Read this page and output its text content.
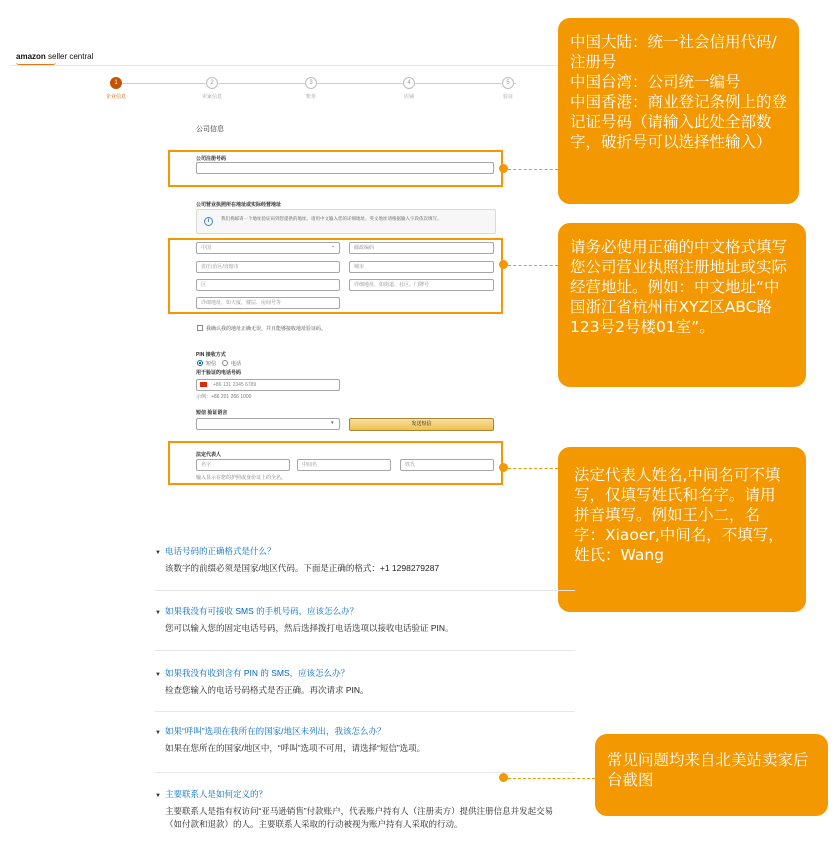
amazon seller central
1
企业信息
2
卖家信息
3
账单
4
店铺
5
验证
公司信息
公司注册号码
公司营业执照所在地址或实际经营地址
i	我们将邮寄一个地址验证码到您提供的地址。请用中文输入您的详细地址。英文地址请根据输入字段依次填写。
中国	⌄	邮政编码
省/自治区/直辖市	城市
区	详细地址，如街道、社区、门牌号
详细地址，如大厦、楼层、房间号等
我确认我的地址正确无误，并且能够接收地址验证码。
PIN 接收方式
短信	电话
用于验证的电话号码
+86 131 2345 6789
示例：+86 201 266 1000
短信 验证语言
▾	发送短信
法定代表人
名字	中间名	姓氏
输入显示在您的护照或身份证上的全名。
中国大陆：统一社会信用代码/注册号
中国台湾：公司统一编号
中国香港：商业登记条例上的登记证号码（请输入此处全部数字，破折号可以选择性输入）
请务必使用正确的中文格式填写您公司营业执照注册地址或实际经营地址。例如：中文地址“中国浙江省杭州市XYZ区ABC路123号2号楼01室”。
法定代表人姓名,中间名可不填写，仅填写姓氏和名字。请用拼音填写。例如王小二，名字：Xiaoer,中间名，不填写，姓氏：Wang
常见问题均来自北美站卖家后台截图
▼ 电话号码的正确格式是什么？
该数字的前缀必须是国家/地区代码。下面是正确的格式：+1 1298279287
▼ 如果我没有可接收 SMS 的手机号码，应该怎么办？
您可以输入您的固定电话号码，然后选择拨打电话选项以接收电话验证 PIN。
▼ 如果我没有收到含有 PIN 的 SMS，应该怎么办？
检查您输入的电话号码格式是否正确。再次请求 PIN。
▼ 如果“呼叫”选项在我所在的国家/地区未列出，我该怎么办？
如果在您所在的国家/地区中，“呼叫”选项不可用，请选择“短信”选项。
▼ 主要联系人是如何定义的？
主要联系人是指有权访问“亚马逊销售”付款账户，代表账户持有人（注册卖方）提供注册信息并发起交易（如付款和退款）的人。主要联系人采取的行动被视为账户持有人采取的行动。
